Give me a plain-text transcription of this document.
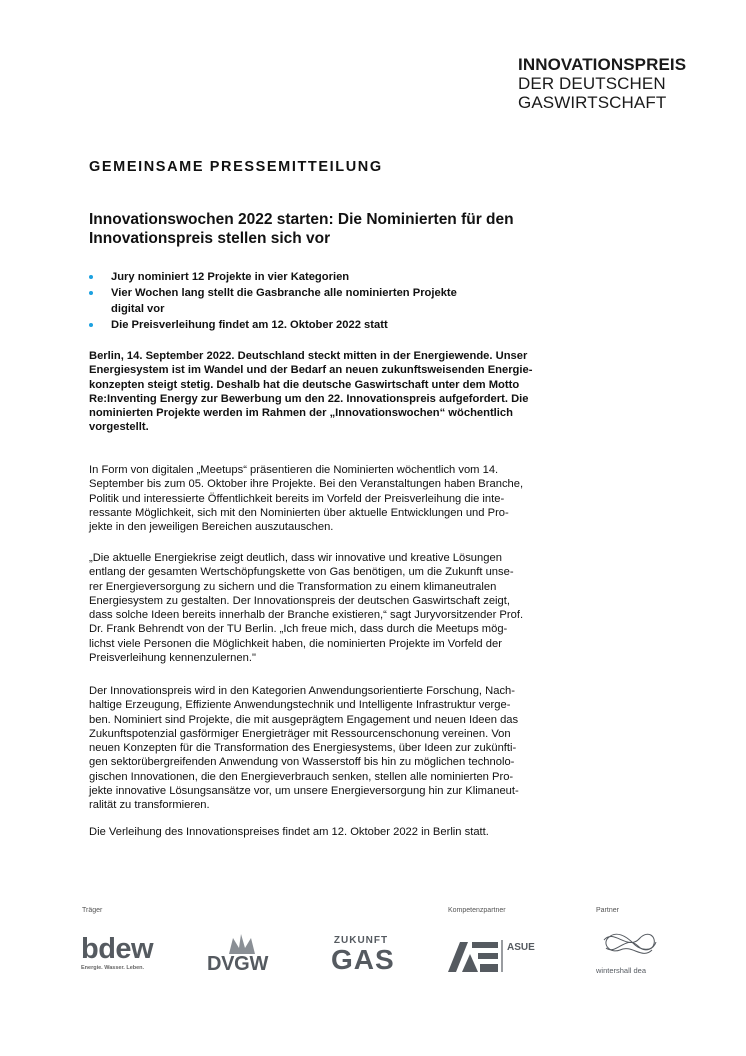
INNOVATIONSPREIS
DER DEUTSCHEN
GASWIRTSCHAFT
GEMEINSAME PRESSEMITTEILUNG
Innovationswochen 2022 starten: Die Nominierten für den
Innovationspreis stellen sich vor
Jury nominiert 12 Projekte in vier Kategorien
Vier Wochen lang stellt die Gasbranche alle nominierten Projekte
digital vor
Die Preisverleihung findet am 12. Oktober 2022 statt
Berlin, 14. September 2022. Deutschland steckt mitten in der Energiewende. Unser
Energiesystem ist im Wandel und der Bedarf an neuen zukunftsweisenden Energie-
konzepten steigt stetig. Deshalb hat die deutsche Gaswirtschaft unter dem Motto
Re:Inventing Energy zur Bewerbung um den 22. Innovationspreis aufgefordert. Die
nominierten Projekte werden im Rahmen der „Innovationswochen“ wöchentlich
vorgestellt.
In Form von digitalen „Meetups“ präsentieren die Nominierten wöchentlich vom 14.
September bis zum 05. Oktober ihre Projekte. Bei den Veranstaltungen haben Branche,
Politik und interessierte Öffentlichkeit bereits im Vorfeld der Preisverleihung die inte-
ressante Möglichkeit, sich mit den Nominierten über aktuelle Entwicklungen und Pro-
jekte in den jeweiligen Bereichen auszutauschen.
„Die aktuelle Energiekrise zeigt deutlich, dass wir innovative und kreative Lösungen
entlang der gesamten Wertschöpfungskette von Gas benötigen, um die Zukunft unse-
rer Energieversorgung zu sichern und die Transformation zu einem klimaneutralen
Energiesystem zu gestalten. Der Innovationspreis der deutschen Gaswirtschaft zeigt,
dass solche Ideen bereits innerhalb der Branche existieren,“ sagt Juryvorsitzender Prof.
Dr. Frank Behrendt von der TU Berlin. „Ich freue mich, dass durch die Meetups mög-
lichst viele Personen die Möglichkeit haben, die nominierten Projekte im Vorfeld der
Preisverleihung kennenzulernen."
Der Innovationspreis wird in den Kategorien Anwendungsorientierte Forschung, Nach-
haltige Erzeugung, Effiziente Anwendungstechnik und Intelligente Infrastruktur verge-
ben. Nominiert sind Projekte, die mit ausgeprägtem Engagement und neuen Ideen das
Zukunftspotenzial gasförmiger Energieträger mit Ressourcenschonung vereinen. Von
neuen Konzepten für die Transformation des Energiesystems, über Ideen zur zukünfti-
gen sektorübergreifenden Anwendung von Wasserstoff bis hin zu möglichen technolo-
gischen Innovationen, die den Energieverbrauch senken, stellen alle nominierten Pro-
jekte innovative Lösungsansätze vor, um unsere Energieversorgung hin zur Klimaneut-
ralität zu transformieren.
Die Verleihung des Innovationspreises findet am 12. Oktober 2022 in Berlin statt.
Träger	Kompetenzpartner	Partner
bdew
Energie. Wasser. Leben.	DVGW
ZUKUNFT
GAS	ASUE
wintershall dea
